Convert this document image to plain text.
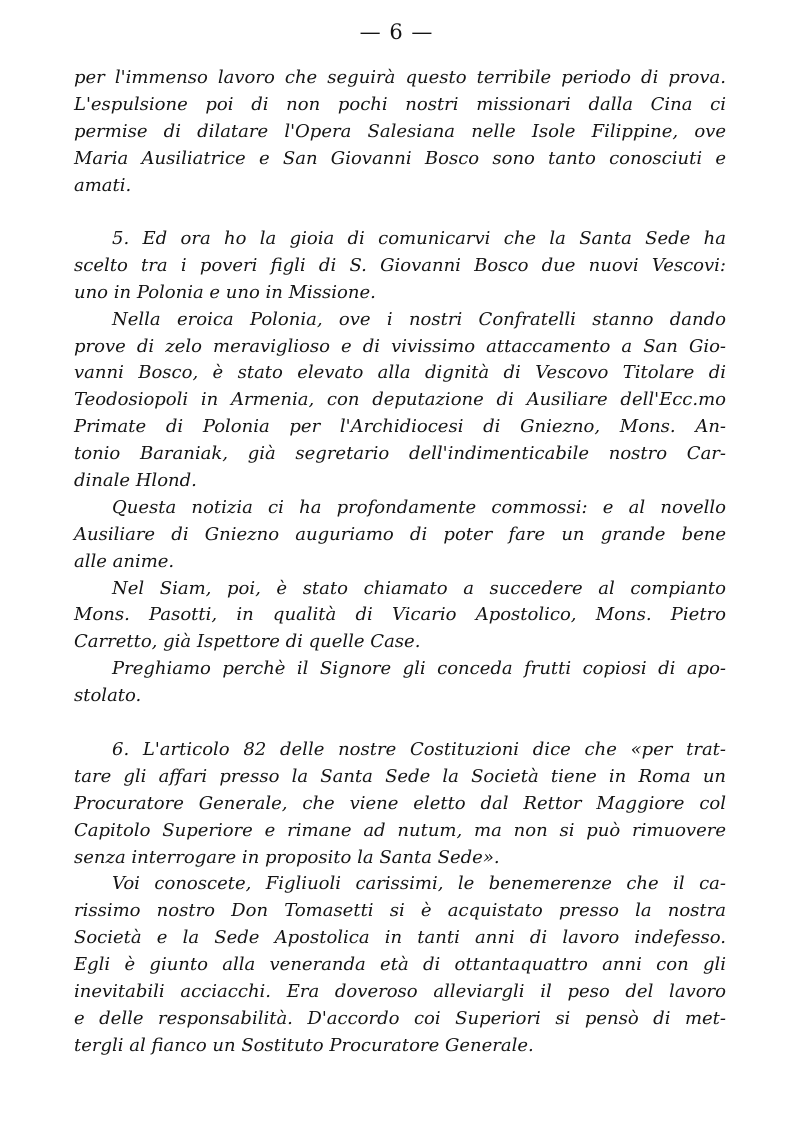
— 6 —
per l'immenso lavoro che seguirà questo terribile periodo di prova.
L'espulsione poi di non pochi nostri missionari dalla Cina ci
permise di dilatare l'Opera Salesiana nelle Isole Filippine, ove
Maria Ausiliatrice e San Giovanni Bosco sono tanto conosciuti e
amati.
5. Ed ora ho la gioia di comunicarvi che la Santa Sede ha
scelto tra i poveri figli di S. Giovanni Bosco due nuovi Vescovi:
uno in Polonia e uno in Missione.
Nella eroica Polonia, ove i nostri Confratelli stanno dando
prove di zelo meraviglioso e di vivissimo attaccamento a San Gio-
vanni Bosco, è stato elevato alla dignità di Vescovo Titolare di
Teodosiopoli in Armenia, con deputazione di Ausiliare dell'Ecc.mo
Primate di Polonia per l'Archidiocesi di Gniezno, Mons. An-
tonio Baraniak, già segretario dell'indimenticabile nostro Car-
dinale Hlond.
Questa notizia ci ha profondamente commossi: e al novello
Ausiliare di Gniezno auguriamo di poter fare un grande bene
alle anime.
Nel Siam, poi, è stato chiamato a succedere al compianto
Mons. Pasotti, in qualità di Vicario Apostolico, Mons. Pietro
Carretto, già Ispettore di quelle Case.
Preghiamo perchè il Signore gli conceda frutti copiosi di apo-
stolato.
6. L'articolo 82 delle nostre Costituzioni dice che «per trat-
tare gli affari presso la Santa Sede la Società tiene in Roma un
Procuratore Generale, che viene eletto dal Rettor Maggiore col
Capitolo Superiore e rimane ad nutum, ma non si può rimuovere
senza interrogare in proposito la Santa Sede».
Voi conoscete, Figliuoli carissimi, le benemerenze che il ca-
rissimo nostro Don Tomasetti si è acquistato presso la nostra
Società e la Sede Apostolica in tanti anni di lavoro indefesso.
Egli è giunto alla veneranda età di ottantaquattro anni con gli
inevitabili acciacchi. Era doveroso alleviargli il peso del lavoro
e delle responsabilità. D'accordo coi Superiori si pensò di met-
tergli al fianco un Sostituto Procuratore Generale.
